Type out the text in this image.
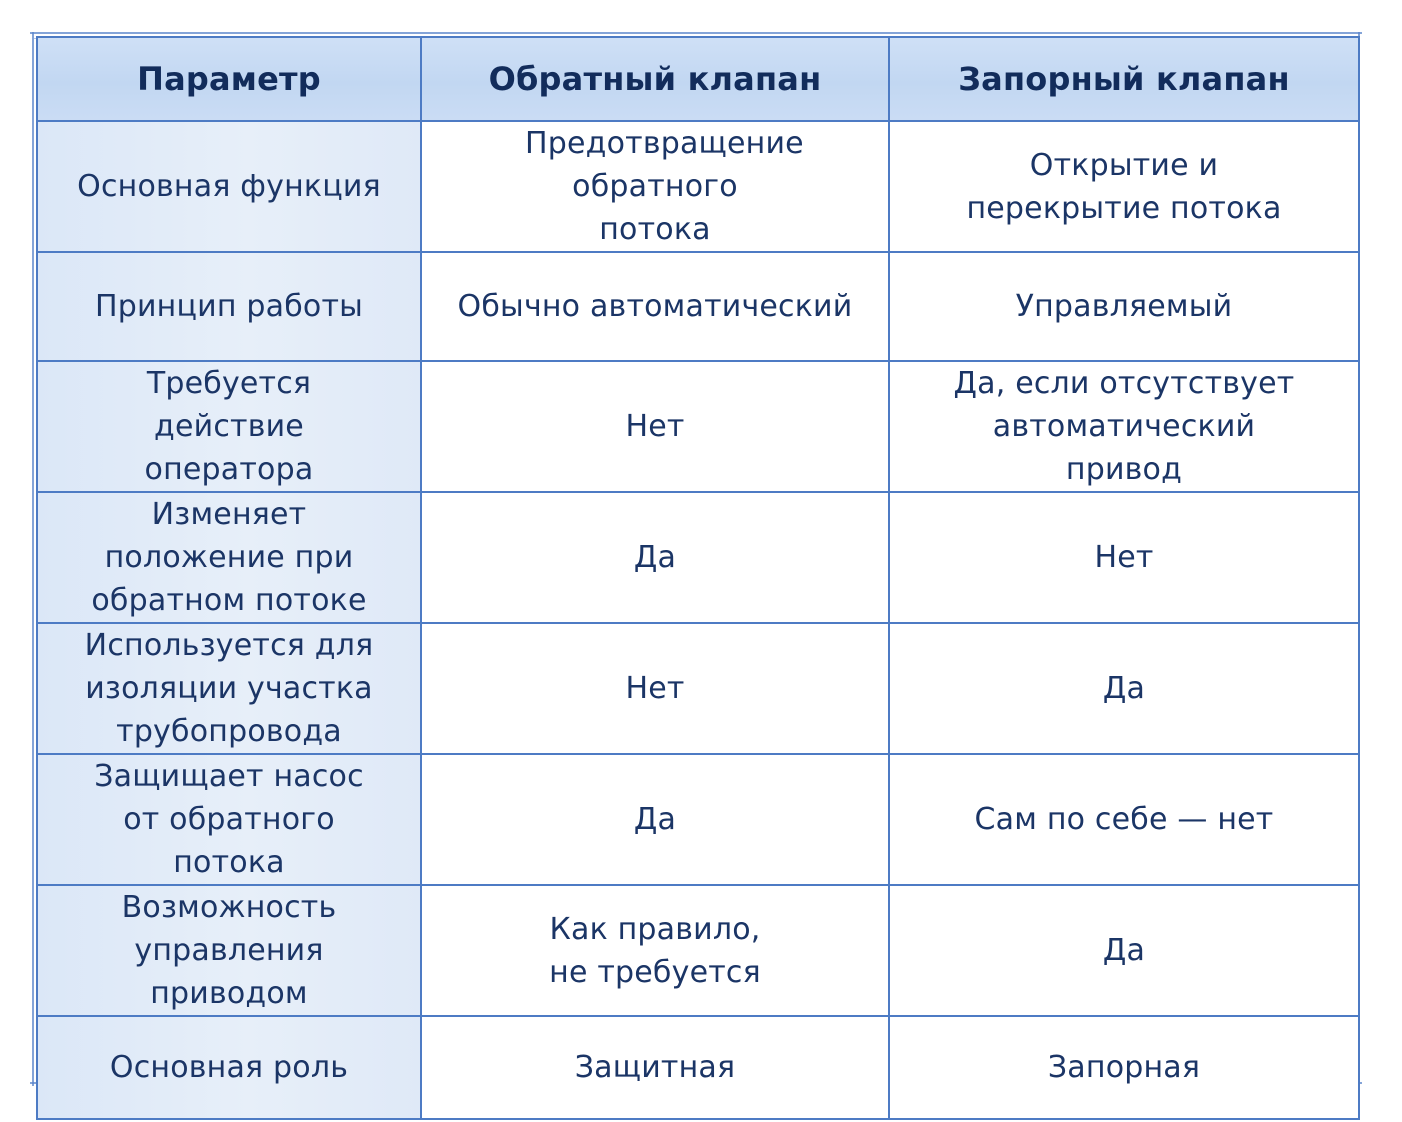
Параметр	Обратный клапан	Запорный клапан
Основная функция	Предотвращение обратного потока	Открытие и перекрытие потока
Принцип работы	Обычно автоматический	Управляемый
Требуется действие оператора	Нет	Да, если отсутствует автоматический привод
Изменяет положение при обратном потоке	Да	Нет
Используется для изоляции участка трубопровода	Нет	Да
Защищает насос от обратного потока	Да	Сам по себе — нет
Возможность управления приводом	Как правило, не требуется	Да
Основная роль	Защитная	Запорная
